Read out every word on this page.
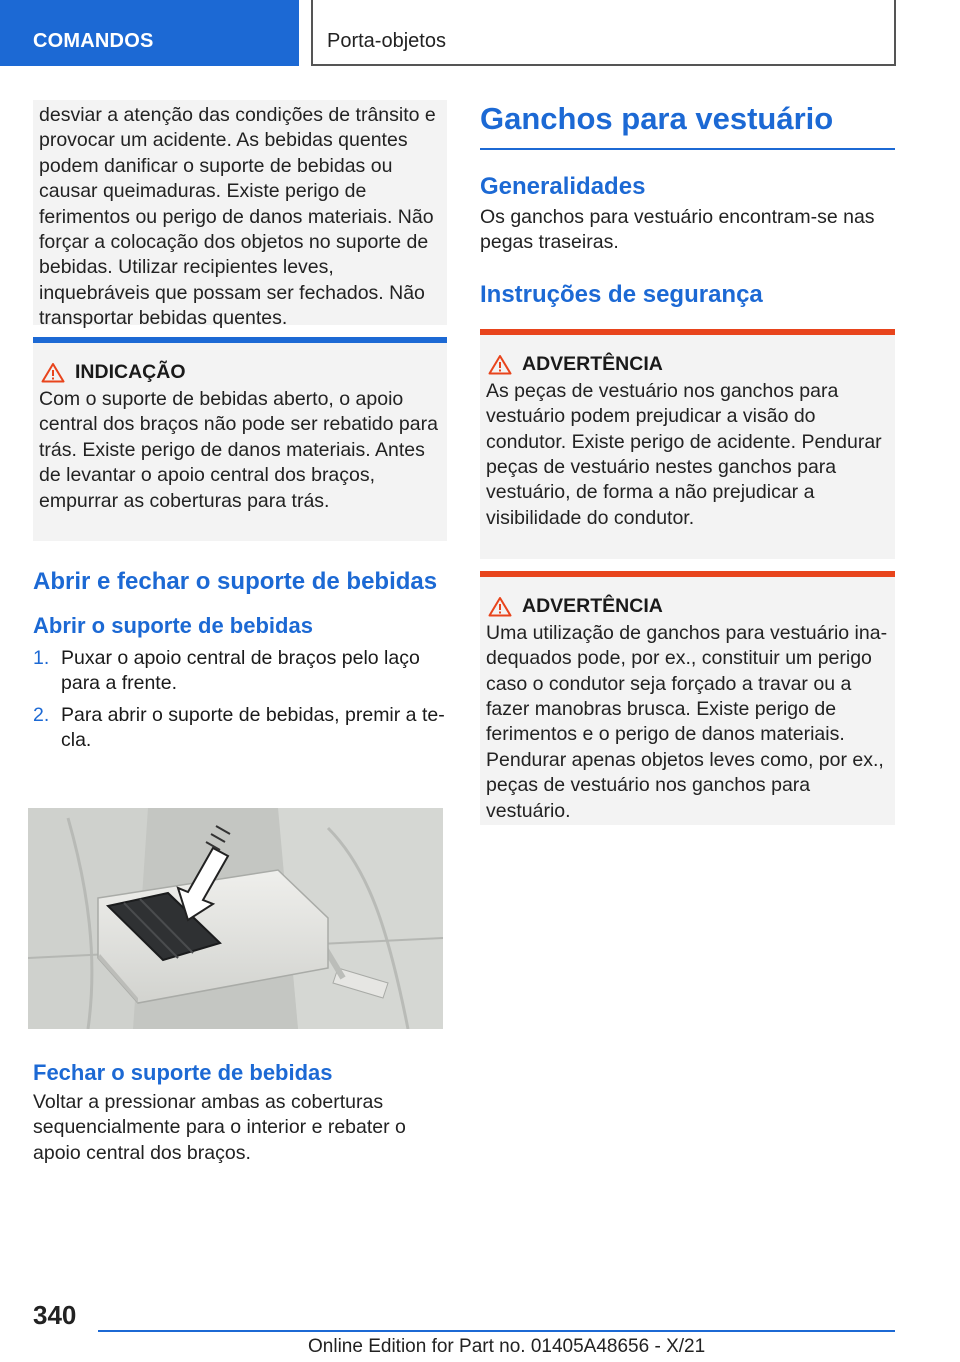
COMANDOS	Porta-objetos

desviar a atenção das condições de trânsito e provocar um acidente. As bebidas quentes podem danificar o suporte de bebidas ou causar queimaduras. Existe perigo de ferimentos ou perigo de danos materiais. Não forçar a colocação dos objetos no suporte de bebidas. Utilizar recipientes leves, inquebráveis que possam ser fechados. Não transportar bebidas quentes.

INDICAÇÃO

Com o suporte de bebidas aberto, o apoio central dos braços não pode ser rebatido para trás. Existe perigo de danos materiais. Antes de levantar o apoio central dos braços, empurrar as coberturas para trás.

Abrir e fechar o suporte de bebidas
Abrir o suporte de bebidas
1. Puxar o apoio central de braços pelo laço para a frente.
2. Para abrir o suporte de bebidas, premir a tecla.
Fechar o suporte de bebidas

Voltar a pressionar ambas as coberturas sequencialmente para o interior e rebater o apoio central dos braços.

Ganchos para vestuário
Generalidades

Os ganchos para vestuário encontram-se nas pegas traseiras.

Instruções de segurança
ADVERTÊNCIA

As peças de vestuário nos ganchos para vestuário podem prejudicar a visão do condutor. Existe perigo de acidente. Pendurar peças de vestuário nestes ganchos para vestuário, de forma a não prejudicar a visibilidade do condutor.

ADVERTÊNCIA

Uma utilização de ganchos para vestuário inadequados pode, por ex., constituir um perigo caso o condutor seja forçado a travar ou a fazer manobras brusca. Existe perigo de ferimentos e o perigo de danos materiais. Pendurar apenas objetos leves como, por ex., peças de vestuário nos ganchos para vestuário.

340
Online Edition for Part no. 01405A48656 - X/21
